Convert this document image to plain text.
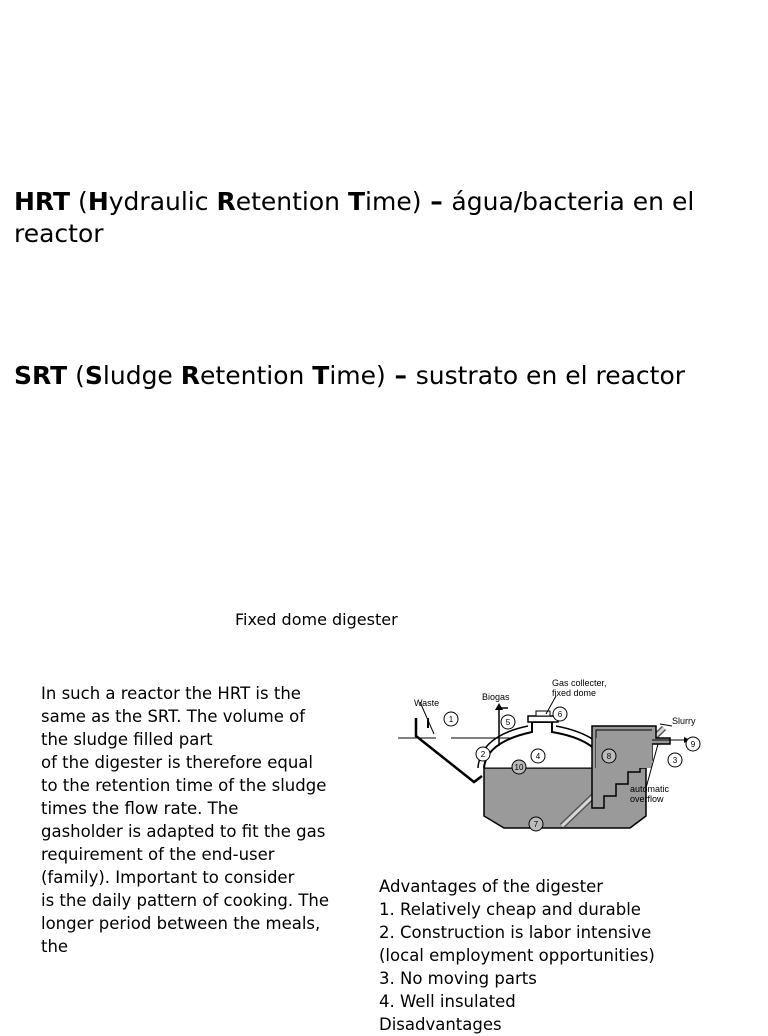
HRT (Hydraulic Retention Time) – água/bacteria en el reactor
SRT (Sludge Retention Time) – sustrato en el reactor
Fixed dome digester
In such a reactor the HRT is the same as the SRT. The volume of the sludge filled part
of the digester is therefore equal to the retention time of the sludge times the flow rate. The
gasholder is adapted to fit the gas requirement of the end-user (family). Important to consider
is the daily pattern of cooking. The longer period between the meals, the
Waste
Biogas
Gas collecter,
fixed dome
Slurry
automatic
overflow
1
2
3
4
5
6
7
8
9
10
Advantages of the digester
1. Relatively cheap and durable
2. Construction is labor intensive
(local employment opportunities)
3. No moving parts
4. Well insulated
Disadvantages
